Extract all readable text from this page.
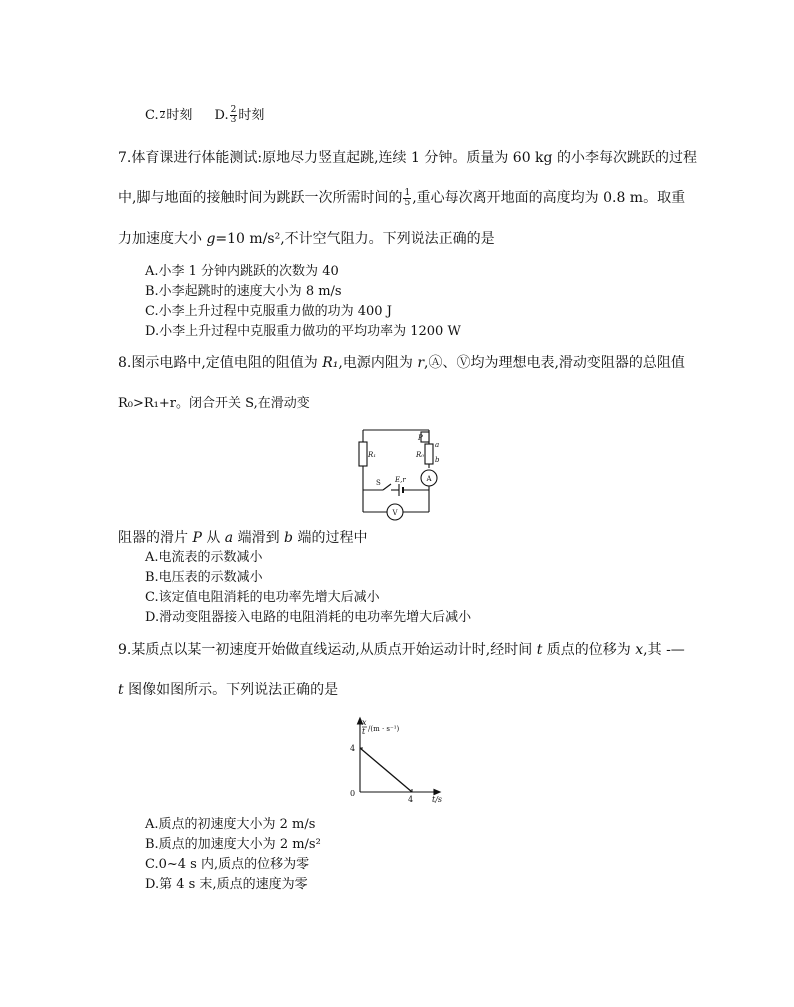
C. 2 时刻 D. $\frac{2}{3}$ 时刻
7.体育课进行体能测试:原地尽力竖直起跳,连续 1 分钟。质量为 60 kg 的小李每次跳跃的过程
中,脚与地面的接触时间为跳跃一次所需时间的 $\frac{1}{5}$ ,重心每次离开地面的高度均为 0.8 m。取重
力加速度大小 g=10 m/s²,不计空气阻力。下列说法正确的是
A.小李 1 分钟内跳跃的次数为 40
B.小李起跳时的速度大小为 8 m/s
C.小李上升过程中克服重力做的功为 400 J
D.小李上升过程中克服重力做功的平均功率为 1200 W
8.图示电路中,定值电阻的阻值为 R₁,电源内阻为 r,Ⓐ、Ⓥ均为理想电表,滑动变阻器的总阻值
R₀>R₁+r。闭合开关 S,在滑动变
R₁
P
a
R₀
b
E,r
S	A
V
阻器的滑片 P 从 a 端滑到 b 端的过程中
A.电流表的示数减小
B.电压表的示数减小
C.该定值电阻消耗的电功率先增大后减小
D.滑动变阻器接入电路的电阻消耗的电功率先增大后减小
9.某质点以某一初速度开始做直线运动,从质点开始运动计时,经时间 t 质点的位移为 x,其 -—
t 图像如图所示。下列说法正确的是
x
t /(m · s⁻¹)
t/s
0
4
4
A.质点的初速度大小为 2 m/s
B.质点的加速度大小为 2 m/s²
C.0~4 s 内,质点的位移为零
D.第 4 s 末,质点的速度为零
